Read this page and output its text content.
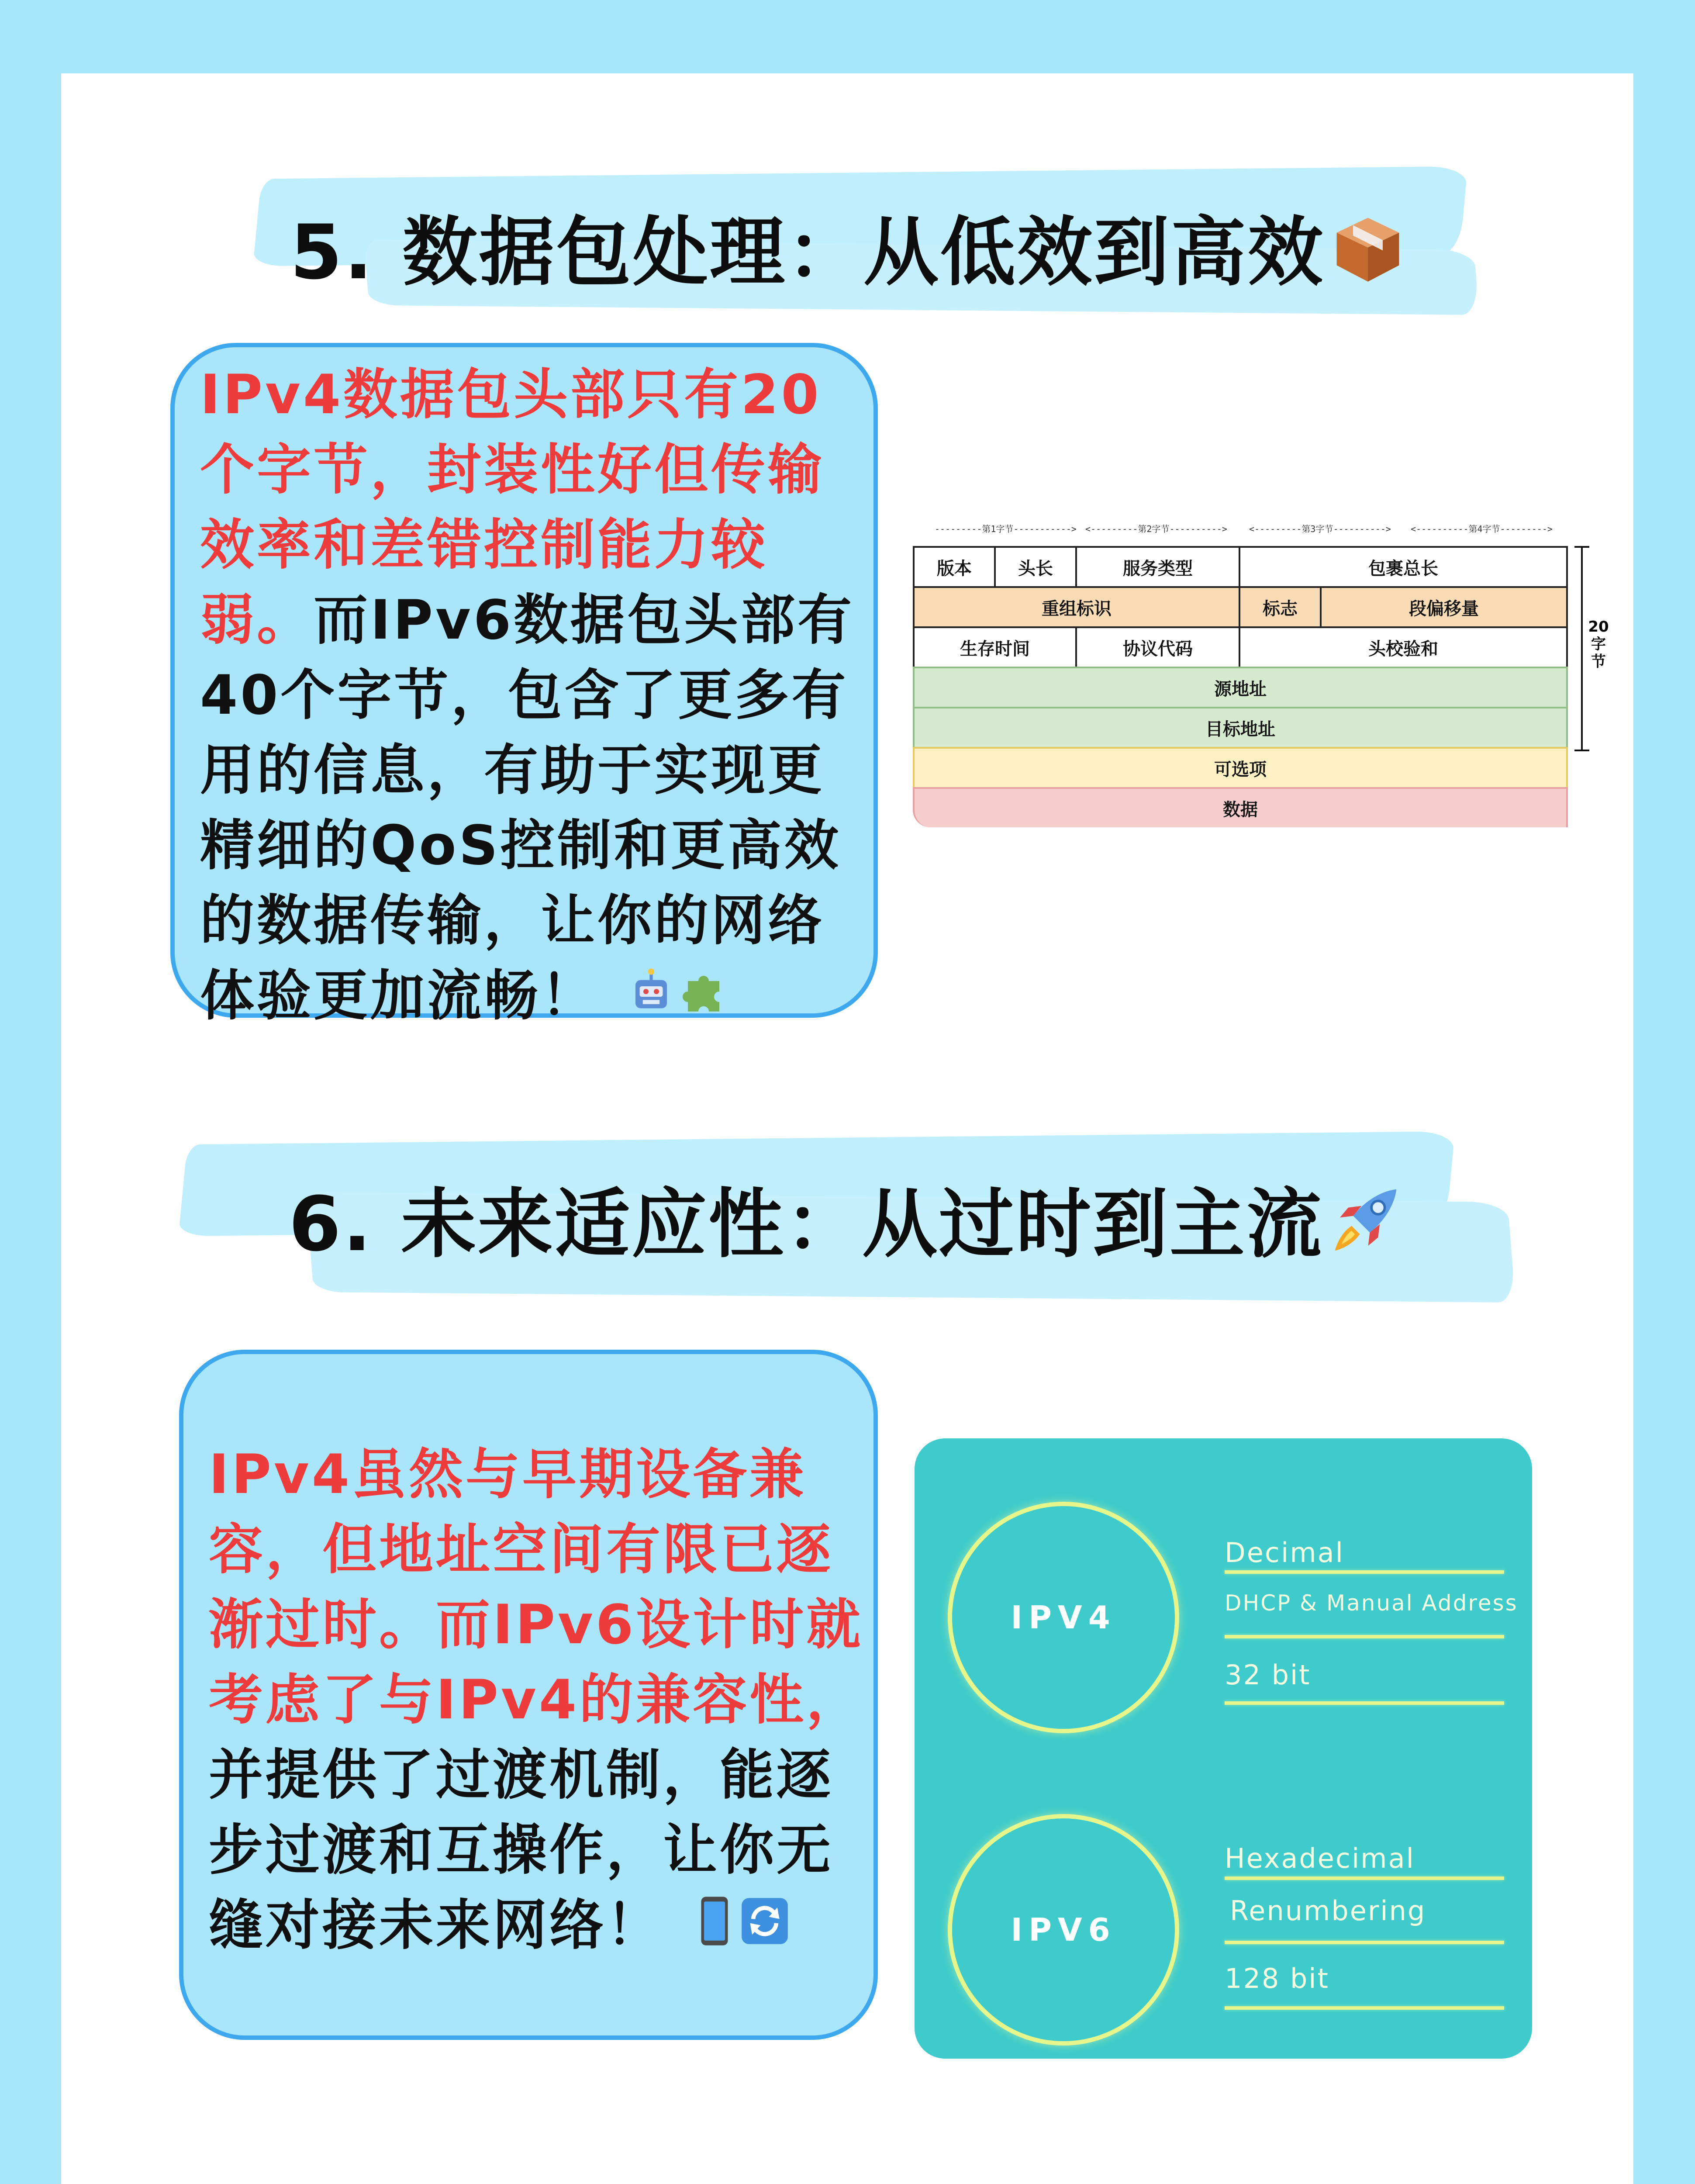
5. 数据包处理：从低效到高效
IPv4数据包头部只有20
个字节，封装性好但传输
效率和差错控制能力较
弱。而IPv6数据包头部有
40个字节，包含了更多有
用的信息，有助于实现更
精细的QoS控制和更高效
的数据传输，让你的网络
体验更加流畅！
---------第1字节-----------> <---------第2字节---------->	<---------第3字节----------> <----------第4字节--------->
版本	头长	服务类型	包裹总长
重组标识	标志	段偏移量
生存时间	协议代码	头校验和
源地址
目标地址
可选项
数据
20
字
节
6. 未来适应性：从过时到主流
IPv4虽然与早期设备兼
容，但地址空间有限已逐
渐过时。而IPv6设计时就
考虑了与IPv4的兼容性，
并提供了过渡机制，能逐
步过渡和互操作，让你无
缝对接未来网络！
IPV4
Decimal
DHCP & Manual Address
32 bit
IPV6
Hexadecimal
Renumbering
128 bit
